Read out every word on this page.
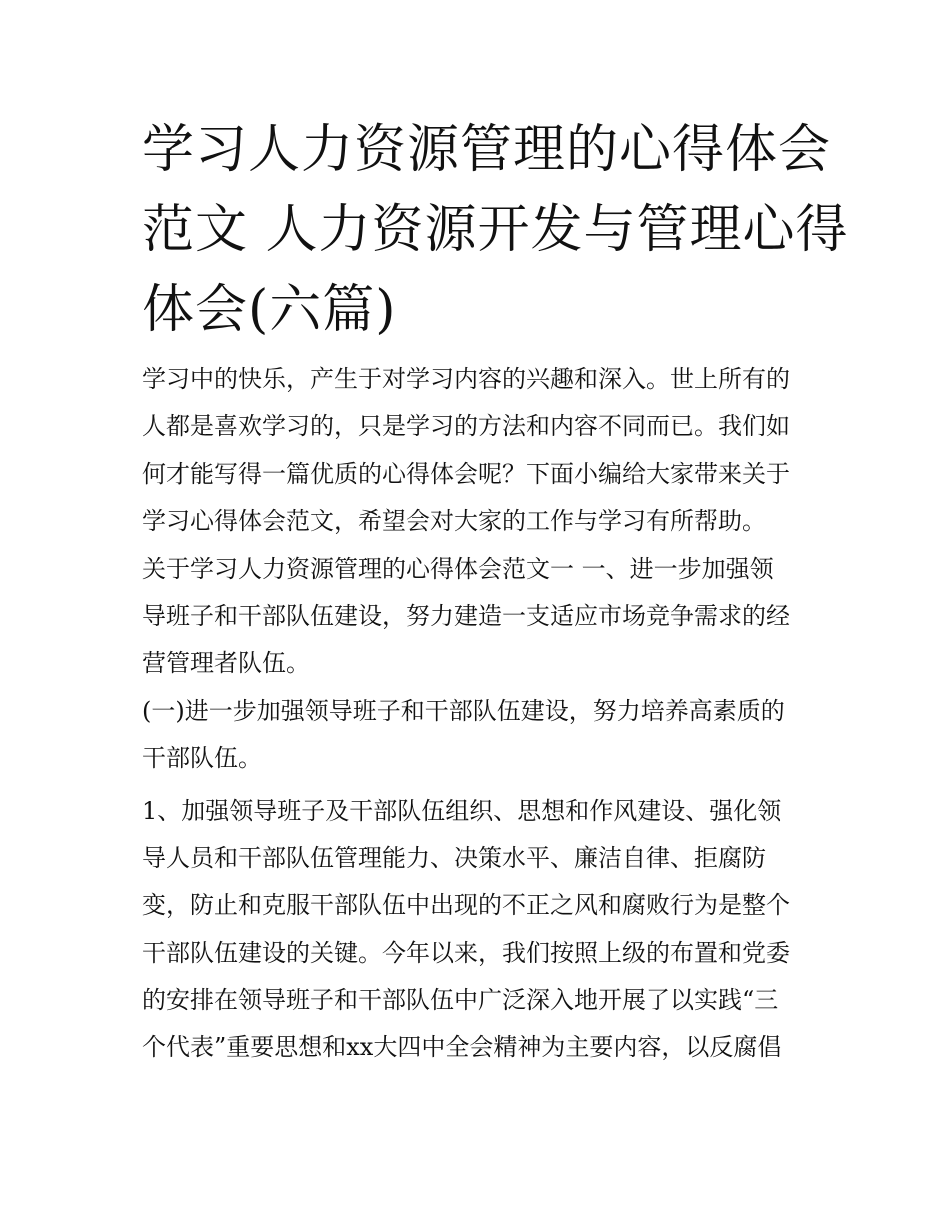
学习人力资源管理的心得体会
范文 人力资源开发与管理心得
体会(六篇)
学习中的快乐，产生于对学习内容的兴趣和深入。世上所有的
人都是喜欢学习的，只是学习的方法和内容不同而已。我们如
何才能写得一篇优质的心得体会呢？下面小编给大家带来关于
学习心得体会范文，希望会对大家的工作与学习有所帮助。
关于学习人力资源管理的心得体会范文一 一、进一步加强领
导班子和干部队伍建设，努力建造一支适应市场竞争需求的经
营管理者队伍。
(一)进一步加强领导班子和干部队伍建设，努力培养高素质的
干部队伍。
1、加强领导班子及干部队伍组织、思想和作风建设、强化领
导人员和干部队伍管理能力、决策水平、廉洁自律、拒腐防
变，防止和克服干部队伍中出现的不正之风和腐败行为是整个
干部队伍建设的关键。今年以来，我们按照上级的布置和党委
的安排在领导班子和干部队伍中广泛深入地开展了以实践“三
个代表”重要思想和xx大四中全会精神为主要内容，以反腐倡
